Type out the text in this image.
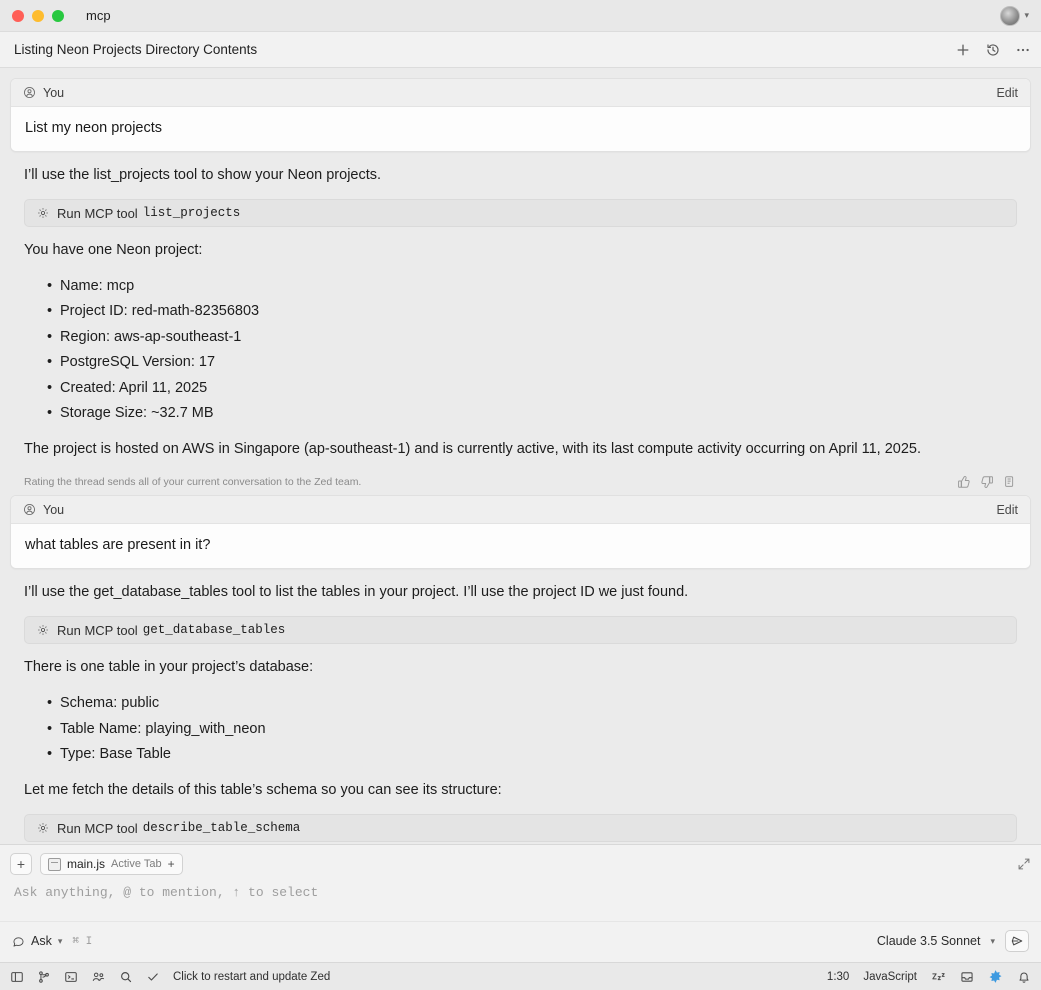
mcp	▾
Listing Neon Projects Directory Contents
You	Edit
List my neon projects
I’ll use the list_projects tool to show your Neon projects.
Run MCP tool list_projects
You have one Neon project:
• Name: mcp
• Project ID: red-math-82356803
• Region: aws-ap-southeast-1
• PostgreSQL Version: 17
• Created: April 11, 2025
• Storage Size: ~32.7 MB
The project is hosted on AWS in Singapore (ap-southeast-1) and is currently active, with its last compute activity occurring on April 11, 2025.
Rating the thread sends all of your current conversation to the Zed team.
You	Edit
what tables are present in it?
I’ll use the get_database_tables tool to list the tables in your project. I’ll use the project ID we just found.
Run MCP tool get_database_tables
There is one table in your project’s database:
• Schema: public
• Table Name: playing_with_neon
• Type: Base Table
Let me fetch the details of this table’s schema so you can see its structure:
Run MCP tool describe_table_schema
+	main.js Active Tab +
Ask anything, @ to mention, ↑ to select
Ask ▾ ⌘ I	Claude 3.5 Sonnet ▾
Click to restart and update Zed	1:30 JavaScript
